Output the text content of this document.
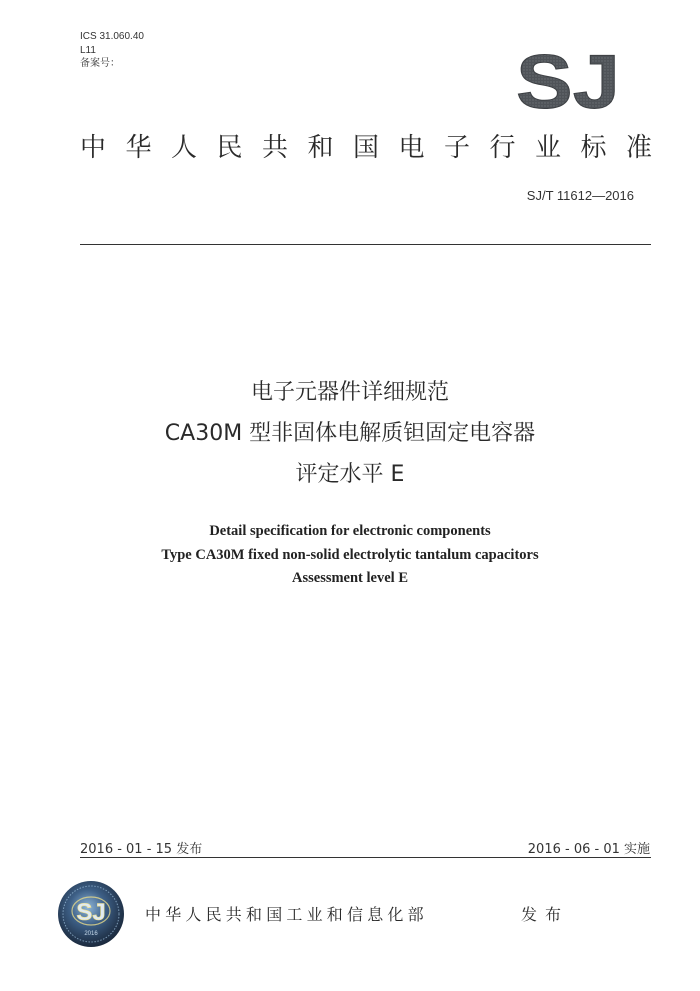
ICS 31.060.40
L11
备案号：	SJ
中华人民共和国电子行业标准
SJ/T 11612—2016
电子元器件详细规范
CA30M 型非固体电解质钽固定电容器
评定水平 E
Detail specification for electronic components
Type CA30M fixed non-solid electrolytic tantalum capacitors
Assessment level E
2016 - 01 - 15 发布	2016 - 06 - 01 实施
SJ
2016
中华人民共和国工业和信息化部	发布
